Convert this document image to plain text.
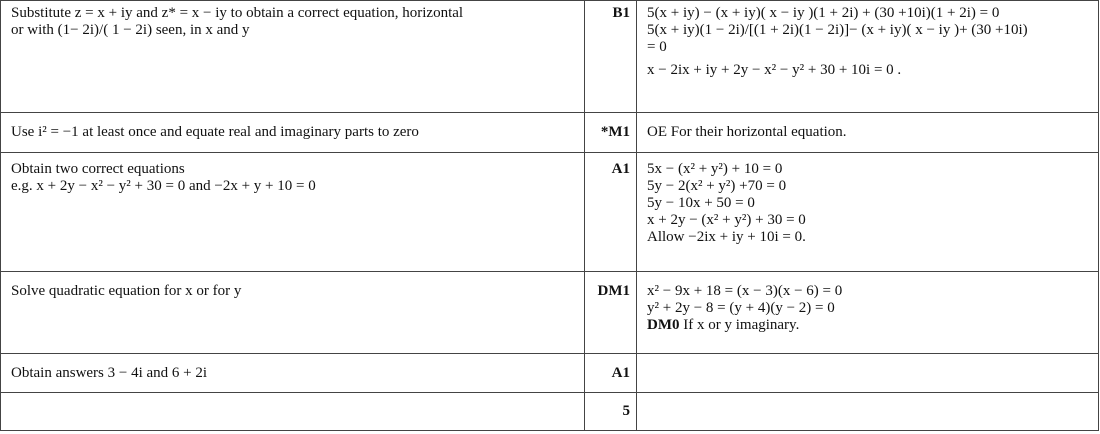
Substitute z = x + iy and z* = x − iy to obtain a correct equation, horizontal
or with (1− 2i)/( 1 − 2i) seen, in x and y	B1	5(x + iy) − (x + iy)( x − iy )(1 + 2i) + (30 +10i)(1 + 2i) = 0
5(x + iy)(1 − 2i)/[(1 + 2i)(1 − 2i)]− (x + iy)( x − iy )+ (30 +10i)
= 0
x − 2ix + iy + 2y − x² − y² + 30 + 10i = 0 .

Use i² = −1 at least once and equate real and imaginary parts to zero	*M1	OE For their horizontal equation.

Obtain two correct equations
e.g. x + 2y − x² − y² + 30 = 0 and −2x + y + 10 = 0	A1	5x − (x² + y²) + 10 = 0
5y − 2(x² + y²) +70 = 0
5y − 10x + 50 = 0
x + 2y − (x² + y²) + 30 = 0
Allow −2ix + iy + 10i = 0.

Solve quadratic equation for x or for y	DM1	x² − 9x + 18 = (x − 3)(x − 6) = 0
y² + 2y − 8 = (y + 4)(y − 2) = 0
DM0 If x or y imaginary.

Obtain answers 3 − 4i and 6 + 2i	A1	

	5	
